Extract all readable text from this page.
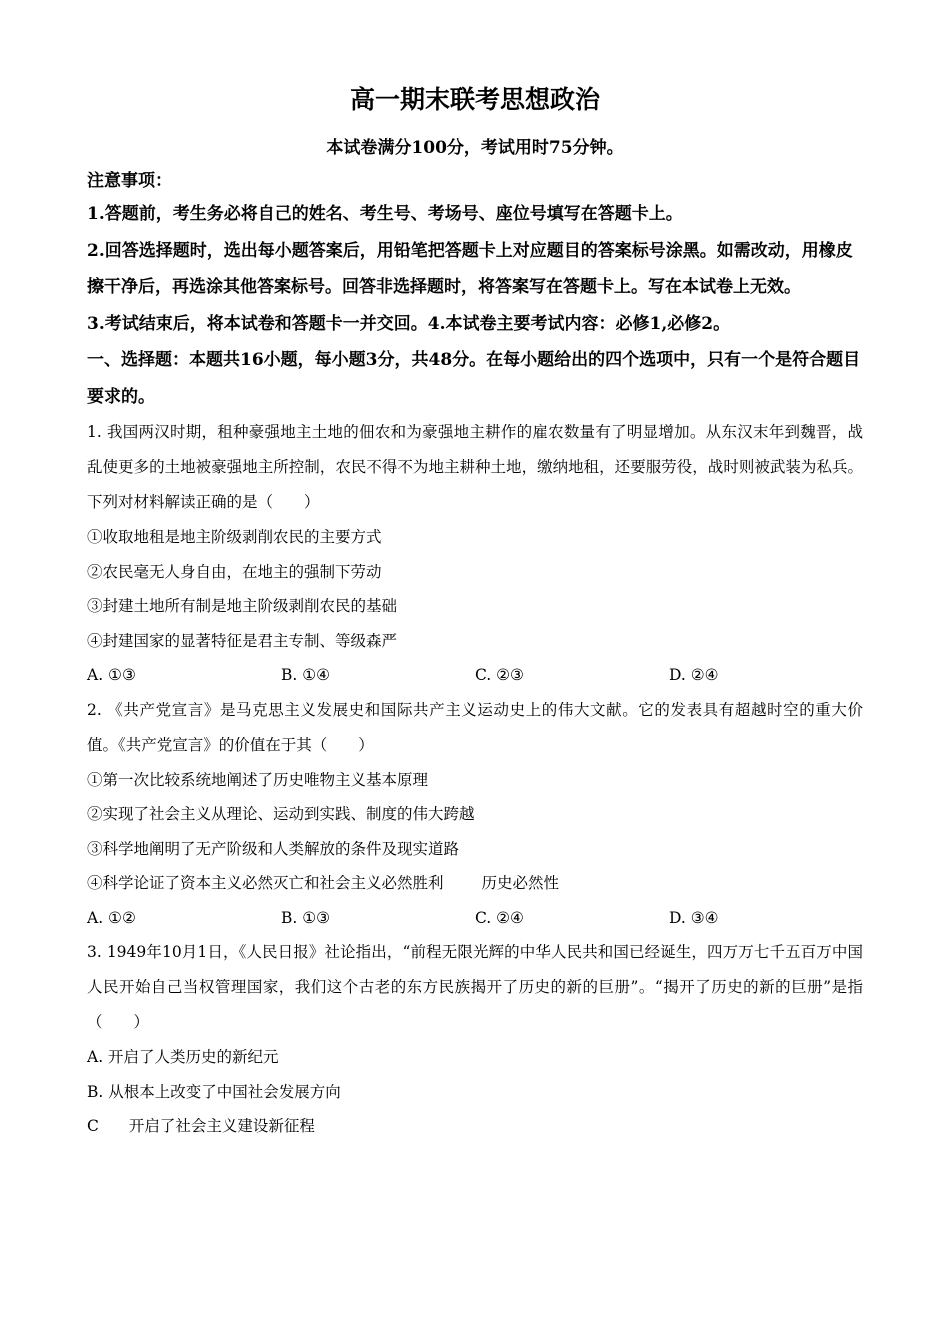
高一期末联考思想政治
本试卷满分100分，考试用时75分钟。
注意事项：
1.答题前，考生务必将自己的姓名、考生号、考场号、座位号填写在答题卡上。
2.回答选择题时，选出每小题答案后，用铅笔把答题卡上对应题目的答案标号涂黑。如需改动，用橡皮擦干净后，再选涂其他答案标号。回答非选择题时，将答案写在答题卡上。写在本试卷上无效。
3.考试结束后，将本试卷和答题卡一并交回。4.本试卷主要考试内容：必修1,必修2。
一、选择题：本题共16小题，每小题3分，共48分。在每小题给出的四个选项中，只有一个是符合题目要求的。
1. 我国两汉时期，租种豪强地主土地的佃农和为豪强地主耕作的雇农数量有了明显增加。从东汉末年到魏晋，战乱使更多的土地被豪强地主所控制，农民不得不为地主耕种土地，缴纳地租，还要服劳役，战时则被武装为私兵。下列对材料解读正确的是（　　）
①收取地租是地主阶级剥削农民的主要方式
②农民毫无人身自由，在地主的强制下劳动
③封建土地所有制是地主阶级剥削农民的基础
④封建国家的显著特征是君主专制、等级森严
A. ①③	B. ①④	C. ②③	D. ②④
2. 《共产党宣言》是马克思主义发展史和国际共产主义运动史上的伟大文献。它的发表具有超越时空的重大价值。《共产党宣言》的价值在于其（　　）
①第一次比较系统地阐述了历史唯物主义基本原理
②实现了社会主义从理论、运动到实践、制度的伟大跨越
③科学地阐明了无产阶级和人类解放的条件及现实道路
④科学论证了资本主义必然灭亡和社会主义必然胜利 历史必然性
A. ①②	B. ①③	C. ②④	D. ③④
3. 1949年10月1日，《人民日报》社论指出，“前程无限光辉的中华人民共和国已经诞生，四万万七千五百万中国人民开始自己当权管理国家，我们这个古老的东方民族揭开了历史的新的巨册”。“揭开了历史的新的巨册”是指（　　）
A. 开启了人类历史的新纪元
B. 从根本上改变了中国社会发展方向
C 开启了社会主义建设新征程
